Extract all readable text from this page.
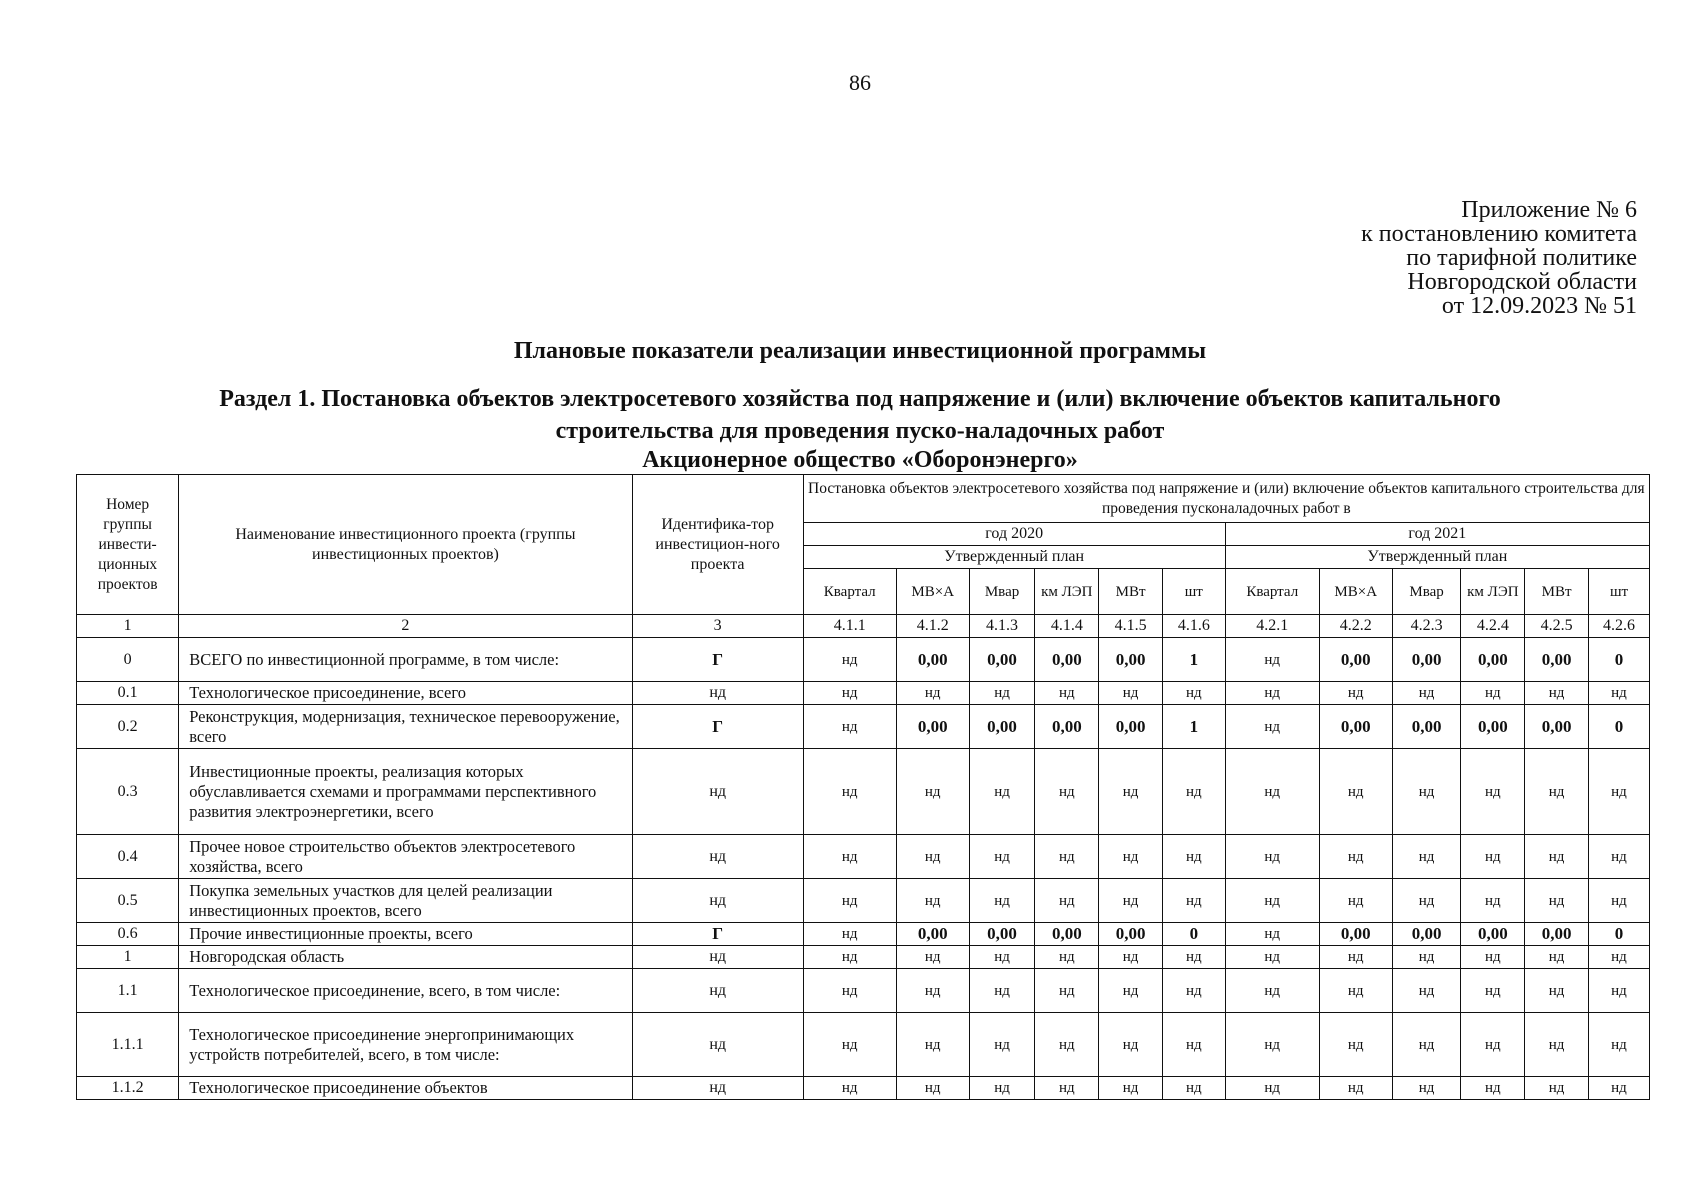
86
Приложение № 6
к постановлению комитета
по тарифной политике
Новгородской области
от 12.09.2023 № 51
Плановые показатели реализации инвестиционной программы
Раздел 1. Постановка объектов электросетевого хозяйства под напряжение и (или) включение объектов капитального
строительства для проведения пуско-наладочных работ
Акционерное общество «Оборонэнерго»
Номер группы инвести-ционных проектов	Наименование инвестиционного проекта (группы инвестиционных проектов)	Идентифика-тор инвестицион-ного проекта	Постановка объектов электросетевого хозяйства под напряжение и (или) включение объектов капитального строительства для проведения пусконаладочных работ в											
			год 2020						год 2021					
			Утвержденный план						Утвержденный план					
			Квартал	МВ×А	Мвар	км ЛЭП	МВт	шт	Квартал	МВ×А	Мвар	км ЛЭП	МВт	шт
1	2	3	4.1.1	4.1.2	4.1.3	4.1.4	4.1.5	4.1.6	4.2.1	4.2.2	4.2.3	4.2.4	4.2.5	4.2.6
0	ВСЕГО по инвестиционной программе, в том числе:	Г	нд	0,00	0,00	0,00	0,00	1	нд	0,00	0,00	0,00	0,00	0
0.1	Технологическое присоединение, всего	нд	нд	нд	нд	нд	нд	нд	нд	нд	нд	нд	нд	нд
0.2	Реконструкция, модернизация, техническое перевооружение, всего	Г	нд	0,00	0,00	0,00	0,00	1	нд	0,00	0,00	0,00	0,00	0
0.3	Инвестиционные проекты, реализация которых обуславливается схемами и программами перспективного развития электроэнергетики, всего	нд	нд	нд	нд	нд	нд	нд	нд	нд	нд	нд	нд	нд
0.4	Прочее новое строительство объектов электросетевого хозяйства, всего	нд	нд	нд	нд	нд	нд	нд	нд	нд	нд	нд	нд	нд
0.5	Покупка земельных участков для целей реализации инвестиционных проектов, всего	нд	нд	нд	нд	нд	нд	нд	нд	нд	нд	нд	нд	нд
0.6	Прочие инвестиционные проекты, всего	Г	нд	0,00	0,00	0,00	0,00	0	нд	0,00	0,00	0,00	0,00	0
1	Новгородская область	нд	нд	нд	нд	нд	нд	нд	нд	нд	нд	нд	нд	нд
1.1	Технологическое присоединение, всего, в том числе:	нд	нд	нд	нд	нд	нд	нд	нд	нд	нд	нд	нд	нд
1.1.1	Технологическое присоединение энергопринимающих устройств потребителей, всего, в том числе:	нд	нд	нд	нд	нд	нд	нд	нд	нд	нд	нд	нд	нд
1.1.2	Технологическое присоединение объектов	нд	нд	нд	нд	нд	нд	нд	нд	нд	нд	нд	нд	нд
